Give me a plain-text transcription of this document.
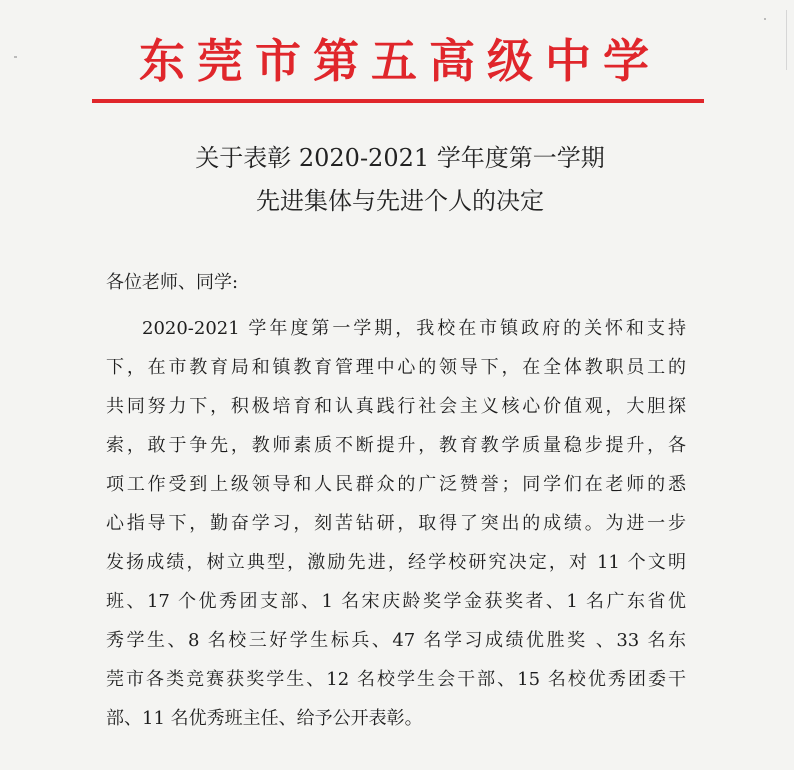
东莞市第五高级中学
关于表彰 2020-2021 学年度第一学期
先进集体与先进个人的决定
各位老师、同学:
2020-2021 学年度第一学期，我校在市镇政府的关怀和支持
下，在市教育局和镇教育管理中心的领导下，在全体教职员工的
共同努力下，积极培育和认真践行社会主义核心价值观，大胆探
索，敢于争先，教师素质不断提升，教育教学质量稳步提升，各
项工作受到上级领导和人民群众的广泛赞誉；同学们在老师的悉
心指导下，勤奋学习，刻苦钻研，取得了突出的成绩。为进一步
发扬成绩，树立典型，激励先进，经学校研究决定，对 11 个文明
班、17 个优秀团支部、1 名宋庆龄奖学金获奖者、1 名广东省优
秀学生、8 名校三好学生标兵、47 名学习成绩优胜奖 、33 名东
莞市各类竞赛获奖学生、12 名校学生会干部、15 名校优秀团委干
部、11 名优秀班主任、给予公开表彰。
